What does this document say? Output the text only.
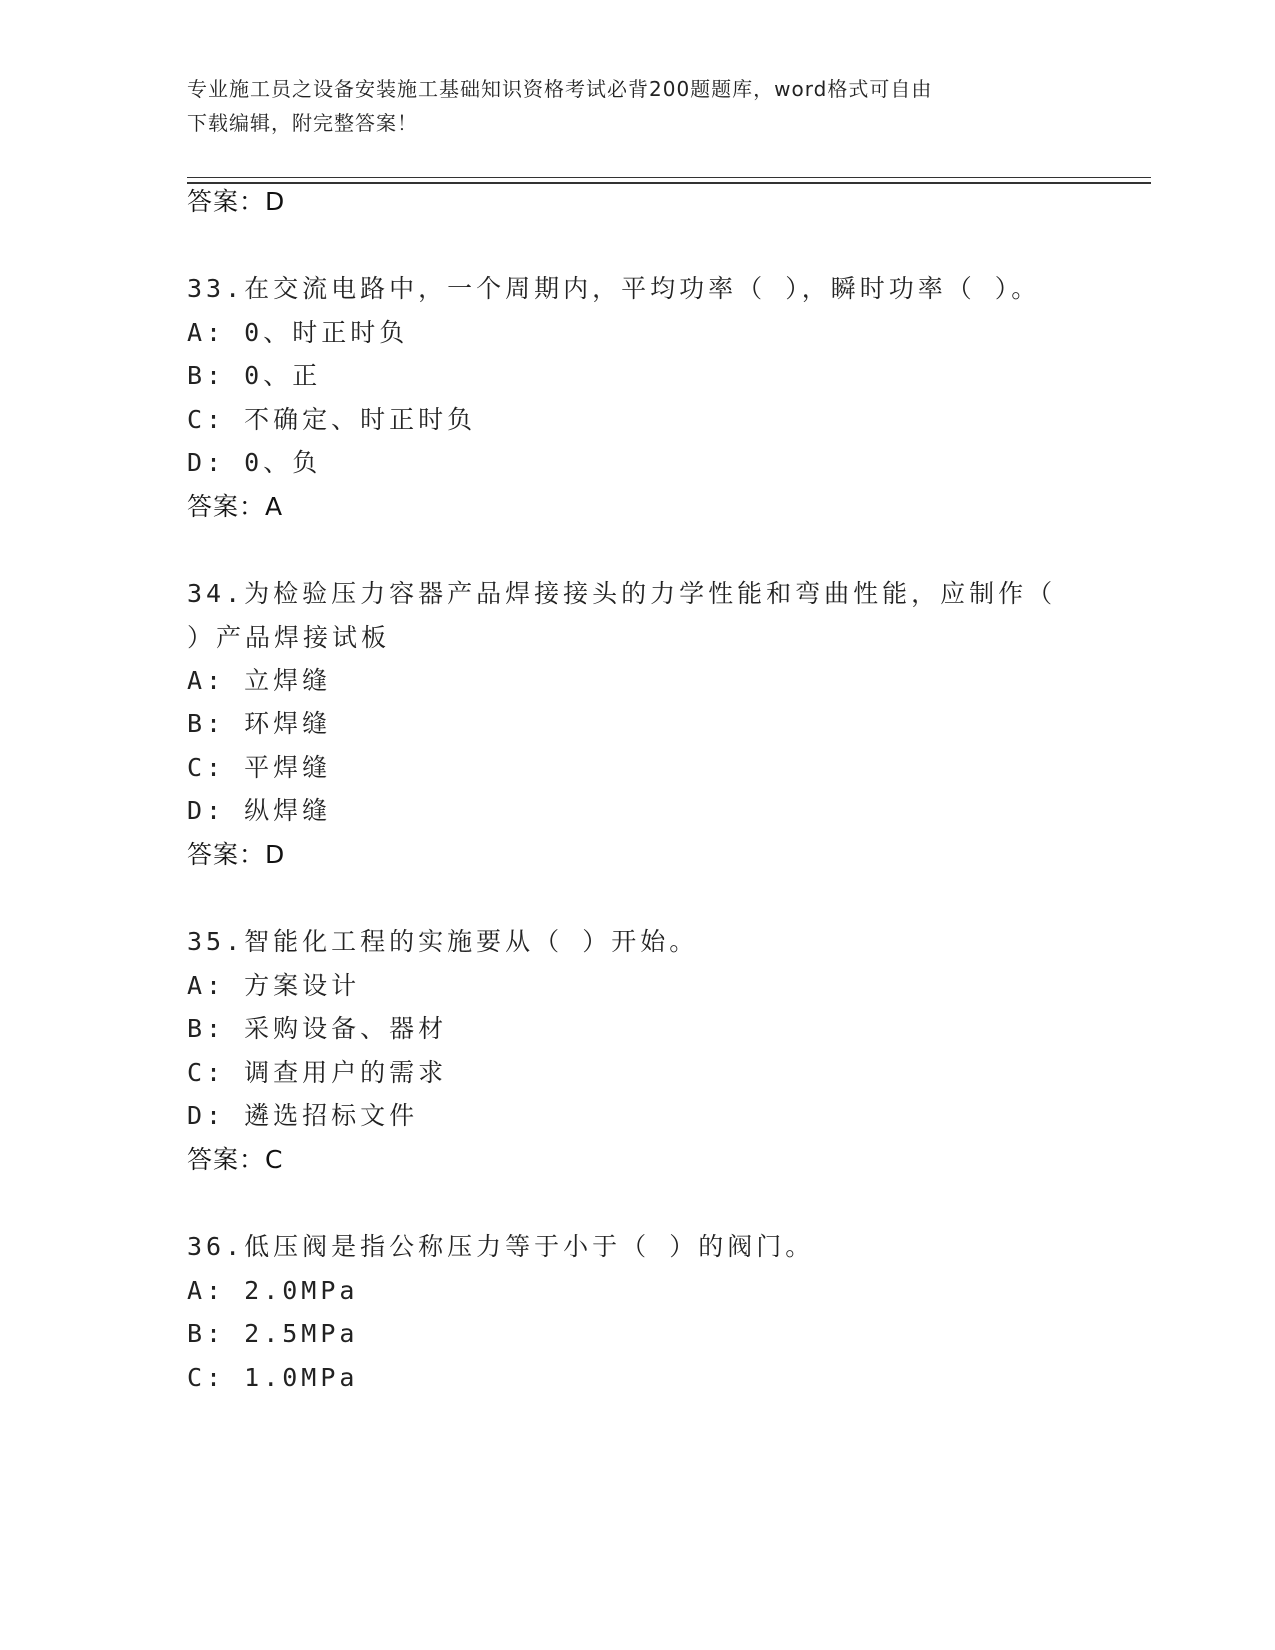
专业施工员之设备安装施工基础知识资格考试必背200题题库，word格式可自由
下载编辑，附完整答案！
答案：D
33.在交流电路中，一个周期内，平均功率（ ），瞬时功率（ ）。
A: 0、时正时负
B: 0、正
C: 不确定、时正时负
D: 0、负
答案：A
34.为检验压力容器产品焊接接头的力学性能和弯曲性能，应制作（
）产品焊接试板
A: 立焊缝
B: 环焊缝
C: 平焊缝
D: 纵焊缝
答案：D
35.智能化工程的实施要从（ ）开始。
A: 方案设计
B: 采购设备、器材
C: 调查用户的需求
D: 遴选招标文件
答案：C
36.低压阀是指公称压力等于小于（ ）的阀门。
A: 2.0MPa
B: 2.5MPa
C: 1.0MPa
